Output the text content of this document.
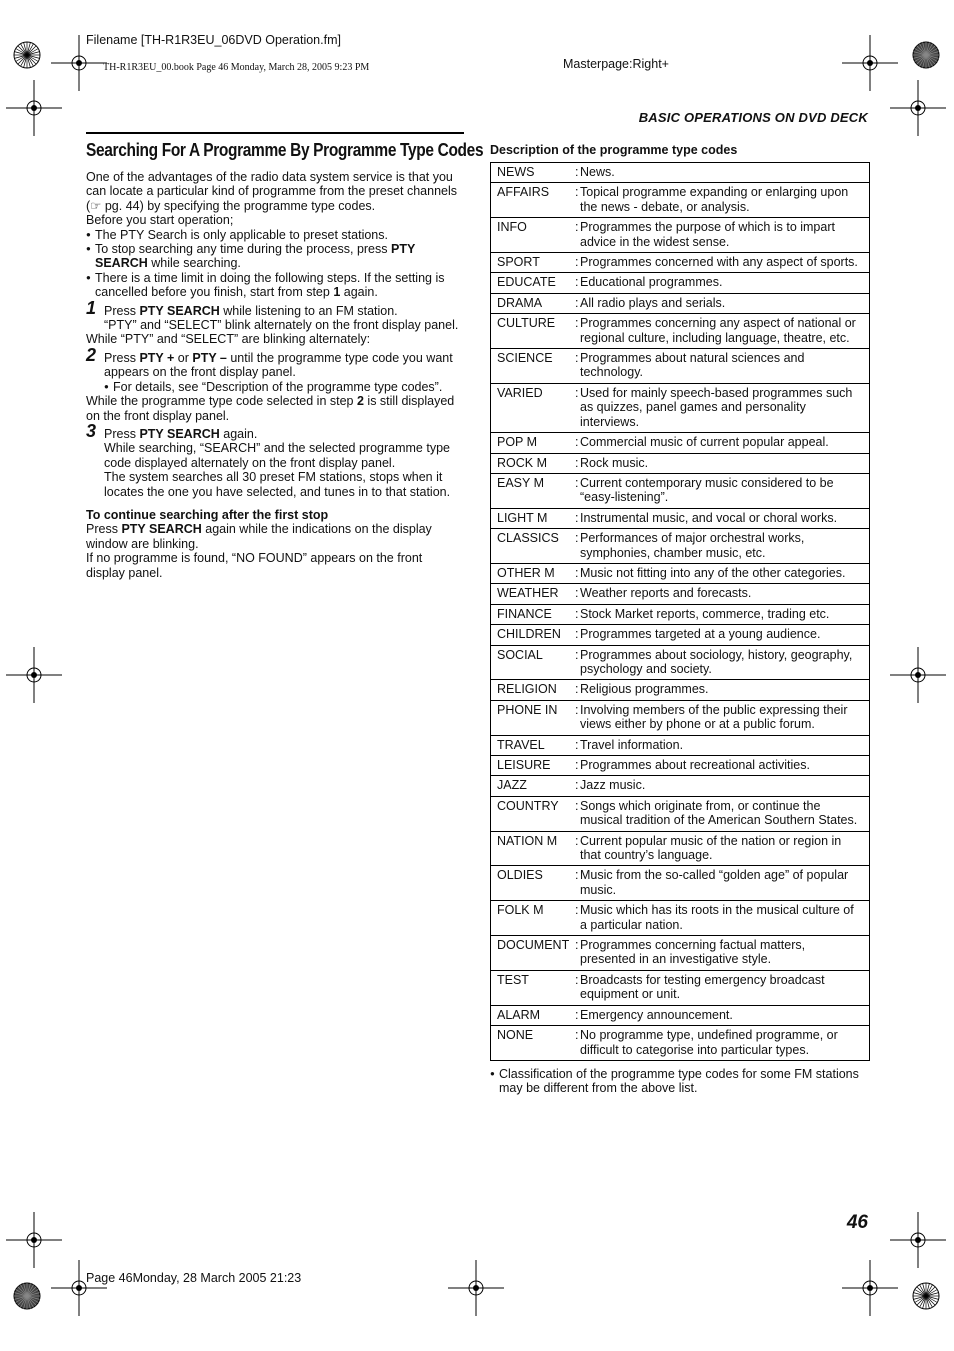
Filename [TH-R1R3EU_06DVD Operation.fm]
TH-R1R3EU_00.book Page 46 Monday, March 28, 2005 9:23 PM	Masterpage:Right+
BASIC OPERATIONS ON DVD DECK
Searching For A Programme By Programme Type Codes

One of the advantages of the radio data system service is that you can locate a particular kind of programme from the preset channels (☞ pg. 44) by specifying the programme type codes.

Before you start operation;

● The PTY Search is only applicable to preset stations.

● To stop searching any time during the process, press PTY SEARCH while searching.

● There is a time limit in doing the following steps. If the setting is cancelled before you finish, start from step 1 again.

1 Press PTY SEARCH while listening to an FM station.

“PTY” and “SELECT” blink alternately on the front display panel.

While “PTY” and “SELECT” are blinking alternately:

2 Press PTY + or PTY – until the programme type code you want appears on the front display panel.

● For details, see “Description of the programme type codes”.

While the programme type code selected in step 2 is still displayed on the front display panel.

3 Press PTY SEARCH again.

While searching, “SEARCH” and the selected programme type code displayed alternately on the front display panel.

The system searches all 30 preset FM stations, stops when it locates the one you have selected, and tunes in to that station.

To continue searching after the first stop

Press PTY SEARCH again while the indications on the display window are blinking.

If no programme is found, “NO FOUND” appears on the front display panel.

Description of the programme type codes
NEWS	: News.

AFFAIRS	: Topical programme expanding or enlarging upon the news - debate, or analysis.

INFO	: Programmes the purpose of which is to impart advice in the widest sense.

SPORT	: Programmes concerned with any aspect of sports.

EDUCATE	: Educational programmes.

DRAMA	: All radio plays and serials.

CULTURE	: Programmes concerning any aspect of national or regional culture, including language, theatre, etc.

SCIENCE	: Programmes about natural sciences and technology.

VARIED	: Used for mainly speech-based programmes such as quizzes, panel games and personality interviews.

POP M	: Commercial music of current popular appeal.

ROCK M	: Rock music.

EASY M	: Current contemporary music considered to be “easy-listening”.

LIGHT M	: Instrumental music, and vocal or choral works.

CLASSICS	: Performances of major orchestral works, symphonies, chamber music, etc.

OTHER M	: Music not fitting into any of the other categories.

WEATHER	: Weather reports and forecasts.

FINANCE	: Stock Market reports, commerce, trading etc.

CHILDREN	: Programmes targeted at a young audience.

SOCIAL	: Programmes about sociology, history, geography, psychology and society.

RELIGION	: Religious programmes.

PHONE IN	: Involving members of the public expressing their views either by phone or at a public forum.

TRAVEL	: Travel information.

LEISURE	: Programmes about recreational activities.

JAZZ	: Jazz music.

COUNTRY	: Songs which originate from, or continue the musical tradition of the American Southern States.

NATION M	: Current popular music of the nation or region in that country’s language.

OLDIES	: Music from the so-called “golden age” of popular music.

FOLK M	: Music which has its roots in the musical culture of a particular nation.

DOCUMENT	: Programmes concerning factual matters, presented in an investigative style.

TEST	: Broadcasts for testing emergency broadcast equipment or unit.

ALARM	: Emergency announcement.

NONE	: No programme type, undefined programme, or difficult to categorise into particular types.
● Classification of the programme type codes for some FM stations may be different from the above list.
46
Page 46Monday, 28 March 2005 21:23
